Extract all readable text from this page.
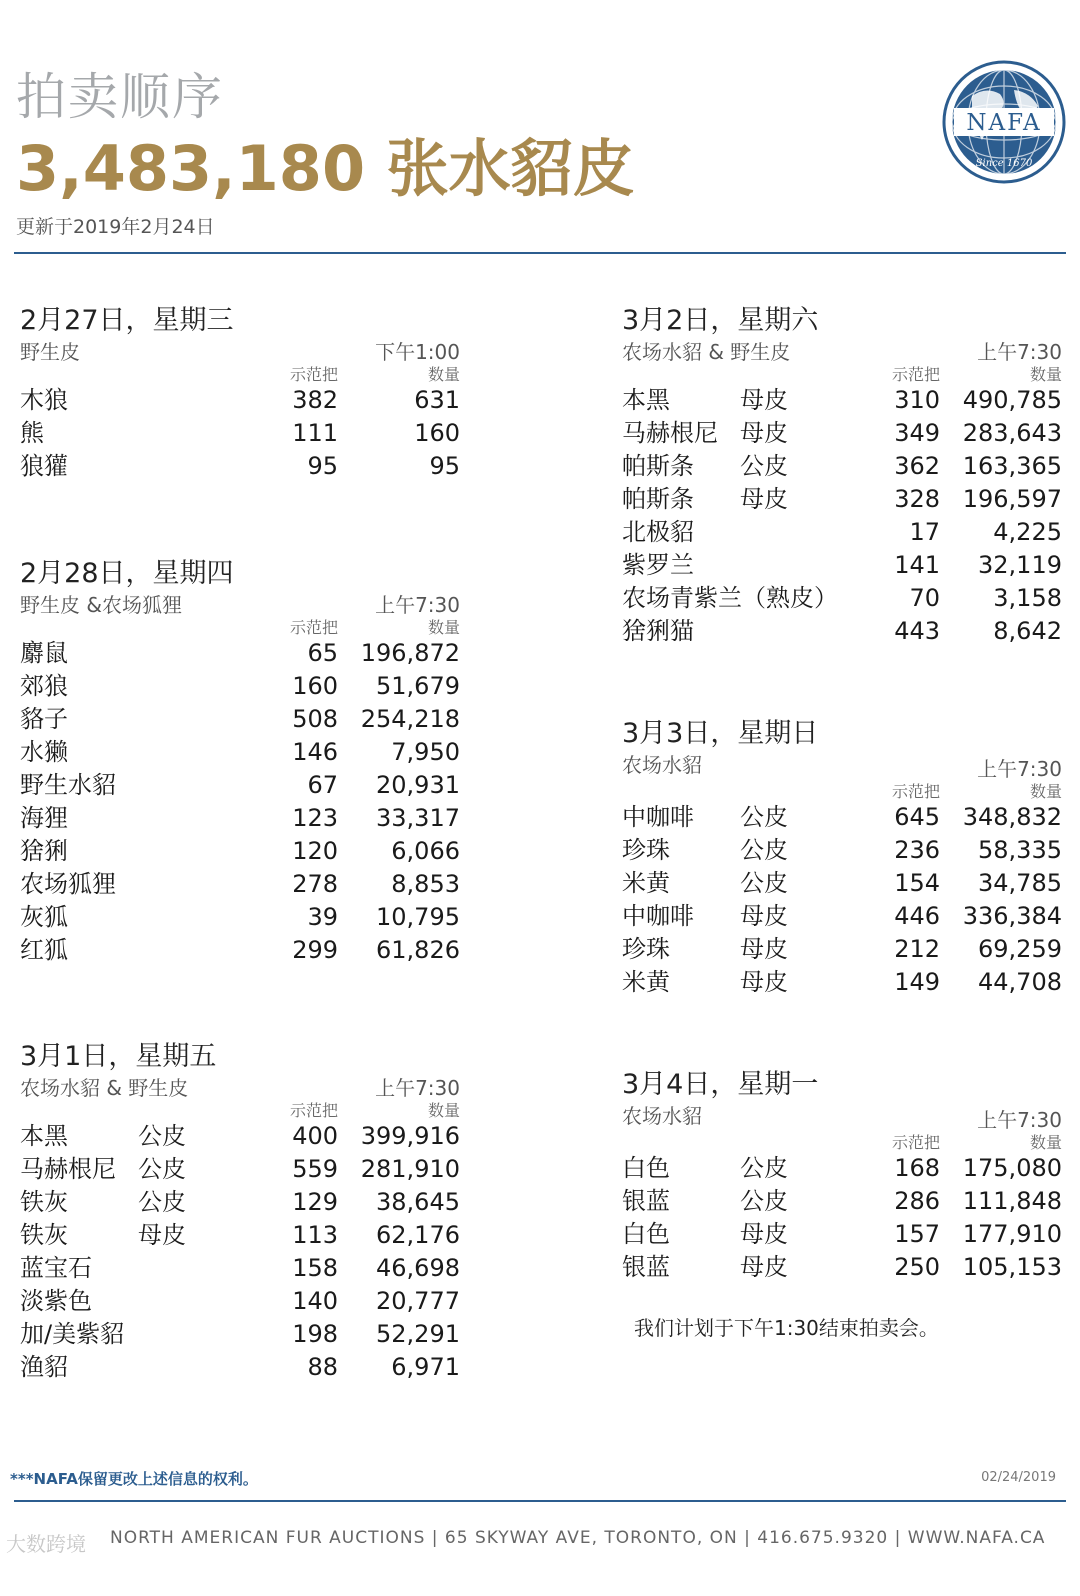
拍卖顺序
3,483,180 张水貂皮
更新于2019年2月24日
NAFA
Since 1670
2月27日，星期三
野生皮	下午1:00
示范把	数量
木狼	382	631
熊	111	160
狼獾	95	95
2月28日，星期四
野生皮 &农场狐狸	上午7:30
示范把	数量
麝鼠	65 196,872
郊狼	160 51,679
貉子	508 254,218
水獭	146 7,950
野生水貂	67 20,931
海狸	123 33,317
猞猁	120 6,066
农场狐狸	278 8,853
灰狐	39 10,795
红狐	299 61,826
3月1日，星期五
农场水貂 & 野生皮	上午7:30
示范把	数量
本黑	公皮	400 399,916
马赫根尼 公皮	559 281,910
铁灰	公皮	129 38,645
铁灰	母皮	113 62,176
蓝宝石	158 46,698
淡紫色	140 20,777
加/美紫貂	198 52,291
渔貂	88 6,971
3月2日，星期六
农场水貂 & 野生皮	上午7:30
示范把	数量
本黑	母皮	310 490,785
马赫根尼 母皮	349 283,643
帕斯条 公皮	362 163,365
帕斯条 母皮	328 196,597
北极貂	17 4,225
紫罗兰	141 32,119
农场青紫兰（熟皮）	70 3,158
猞猁猫	443 8,642
3月3日，星期日
农场水貂	上午7:30
示范把	数量
中咖啡 公皮	645 348,832
珍珠	公皮	236 58,335
米黄	公皮	154 34,785
中咖啡 母皮	446 336,384
珍珠	母皮	212 69,259
米黄	母皮	149 44,708
3月4日，星期一
农场水貂	上午7:30
示范把	数量
白色	公皮	168 175,080
银蓝	公皮	286 111,848
白色	母皮	157 177,910
银蓝	母皮	250 105,153
我们计划于下午1:30结束拍卖会。
***NAFA保留更改上述信息的权利。	02/24/2019
NORTH AMERICAN FUR AUCTIONS | 65 SKYWAY AVE, TORONTO, ON | 416.675.9320 | WWW.NAFA.CA
大数跨境
